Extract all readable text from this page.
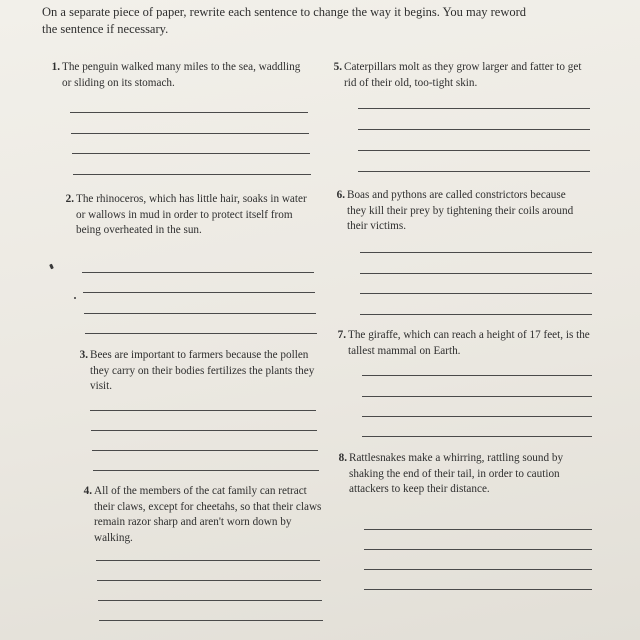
On a separate piece of paper, rewrite each sentence to change the way it begins. You may reword the sentence if necessary.
1. The penguin walked many miles to the sea, waddling or sliding on its stomach.
2. The rhinoceros, which has little hair, soaks in water or wallows in mud in order to protect itself from being overheated in the sun.
3. Bees are important to farmers because the pollen they carry on their bodies fertilizes the plants they visit.
4. All of the members of the cat family can retract their claws, except for cheetahs, so that their claws remain razor sharp and aren't worn down by walking.
5. Caterpillars molt as they grow larger and fatter to get rid of their old, too-tight skin.
6. Boas and pythons are called constrictors because they kill their prey by tightening their coils around their victims.
7. The giraffe, which can reach a height of 17 feet, is the tallest mammal on Earth.
8. Rattlesnakes make a whirring, rattling sound by shaking the end of their tail, in order to caution attackers to keep their distance.
